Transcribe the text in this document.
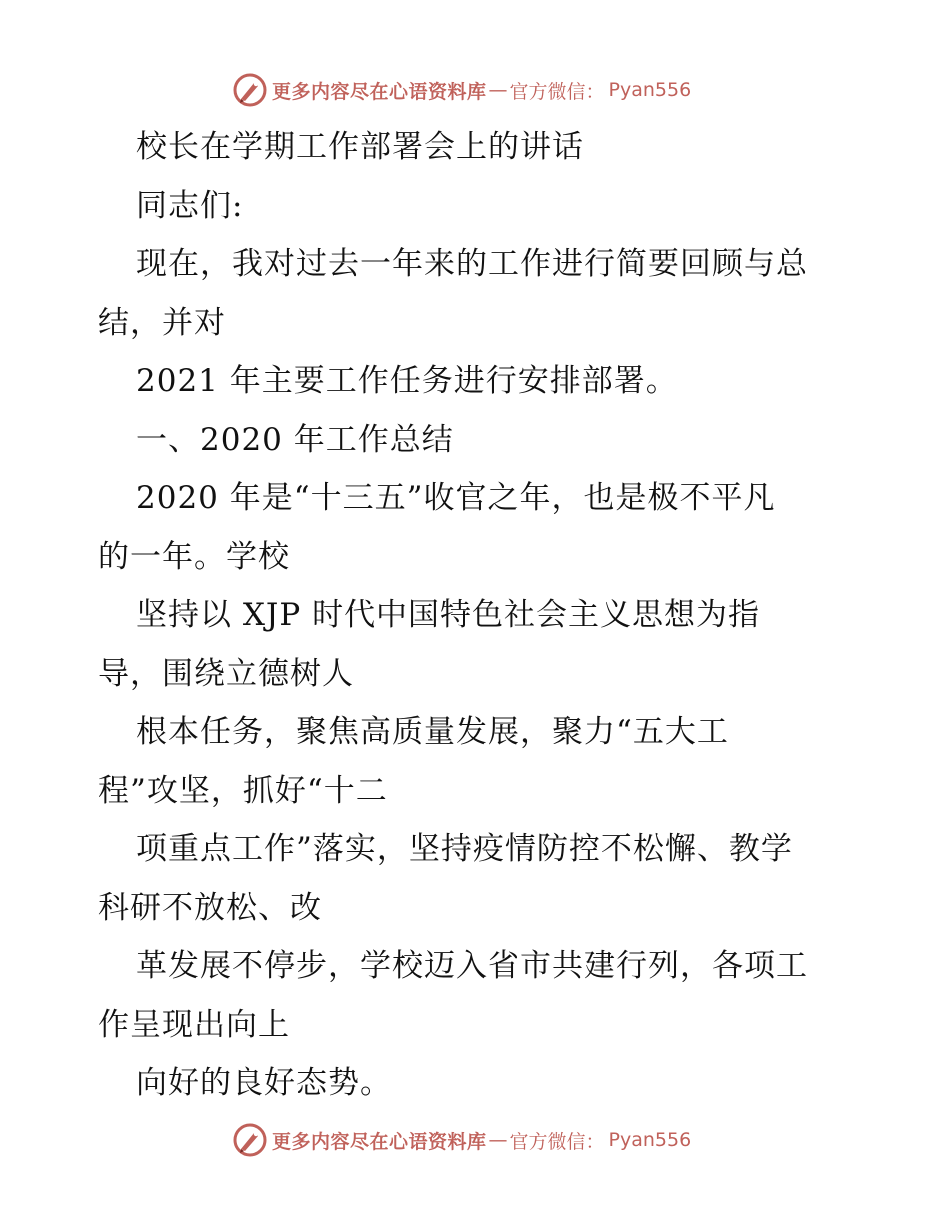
更多内容尽在心语资料库 — 官方微信： Pyan556
校长在学期工作部署会上的讲话
同志们:
现在，我对过去一年来的工作进行简要回顾与总
结，并对
2021 年主要工作任务进行安排部署。
一、2020 年工作总结
2020 年是“十三五”收官之年，也是极不平凡
的一年。学校
坚持以 XJP 时代中国特色社会主义思想为指
导，围绕立德树人
根本任务，聚焦高质量发展，聚力“五大工
程”攻坚，抓好“十二
项重点工作”落实，坚持疫情防控不松懈、教学
科研不放松、改
革发展不停步，学校迈入省市共建行列，各项工
作呈现出向上
向好的良好态势。
更多内容尽在心语资料库 — 官方微信： Pyan556
